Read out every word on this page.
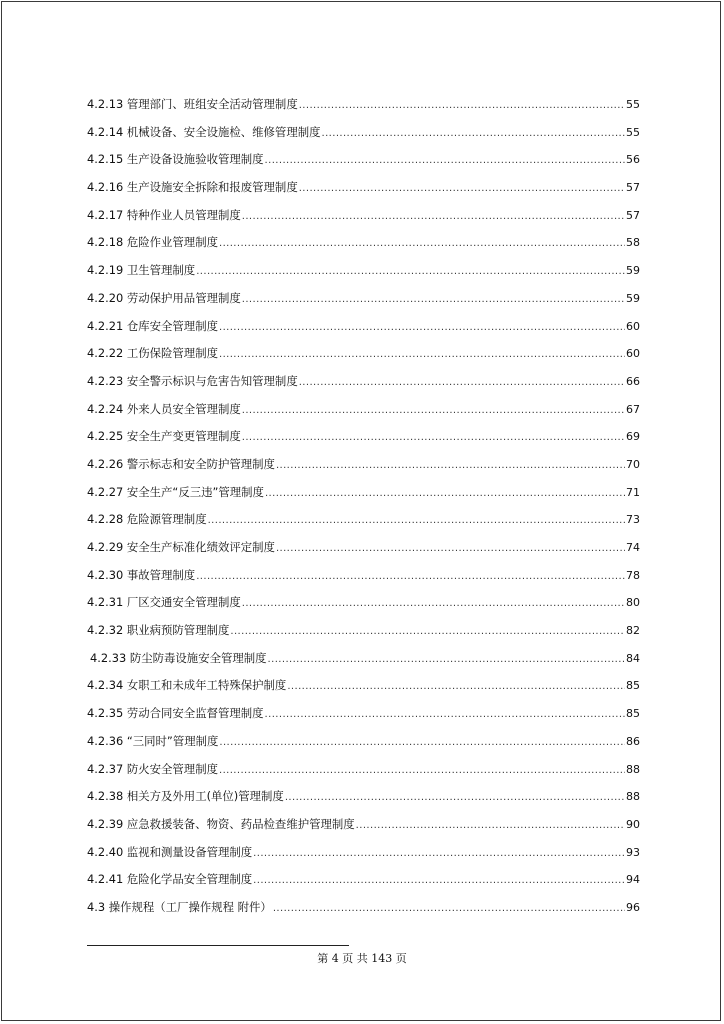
4.2.13 管理部门、班组安全活动管理制度 .....	55
4.2.14 机械设备、安全设施检、维修管理制度 .....	55
4.2.15 生产设备设施验收管理制度 .....	56
4.2.16 生产设施安全拆除和报废管理制度 .....	57
4.2.17 特种作业人员管理制度 .....	57
4.2.18 危险作业管理制度 .....	58
4.2.19 卫生管理制度 .....	59
4.2.20 劳动保护用品管理制度 .....	59
4.2.21 仓库安全管理制度 .....	60
4.2.22 工伤保险管理制度 .....	60
4.2.23 安全警示标识与危害告知管理制度 .....	66
4.2.24 外来人员安全管理制度 .....	67
4.2.25 安全生产变更管理制度 .....	69
4.2.26 警示标志和安全防护管理制度 .....	70
4.2.27 安全生产“反三违”管理制度 .....	71
4.2.28 危险源管理制度 .....	73
4.2.29 安全生产标准化绩效评定制度 .....	74
4.2.30 事故管理制度 .....	78
4.2.31 厂区交通安全管理制度 .....	80
4.2.32 职业病预防管理制度 .....	82
4.2.33 防尘防毒设施安全管理制度 .....	84
4.2.34 女职工和未成年工特殊保护制度 .....	85
4.2.35 劳动合同安全监督管理制度 .....	85
4.2.36 “三同时”管理制度 .....	86
4.2.37 防火安全管理制度 .....	88
4.2.38 相关方及外用工(单位)管理制度 .....	88
4.2.39 应急救援装备、物资、药品检查维护管理制度 .....	90
4.2.40 监视和测量设备管理制度 .....	93
4.2.41 危险化学品安全管理制度 .....	94
4.3 操作规程（工厂操作规程 附件） .....	96
第 4 页 共 143 页
